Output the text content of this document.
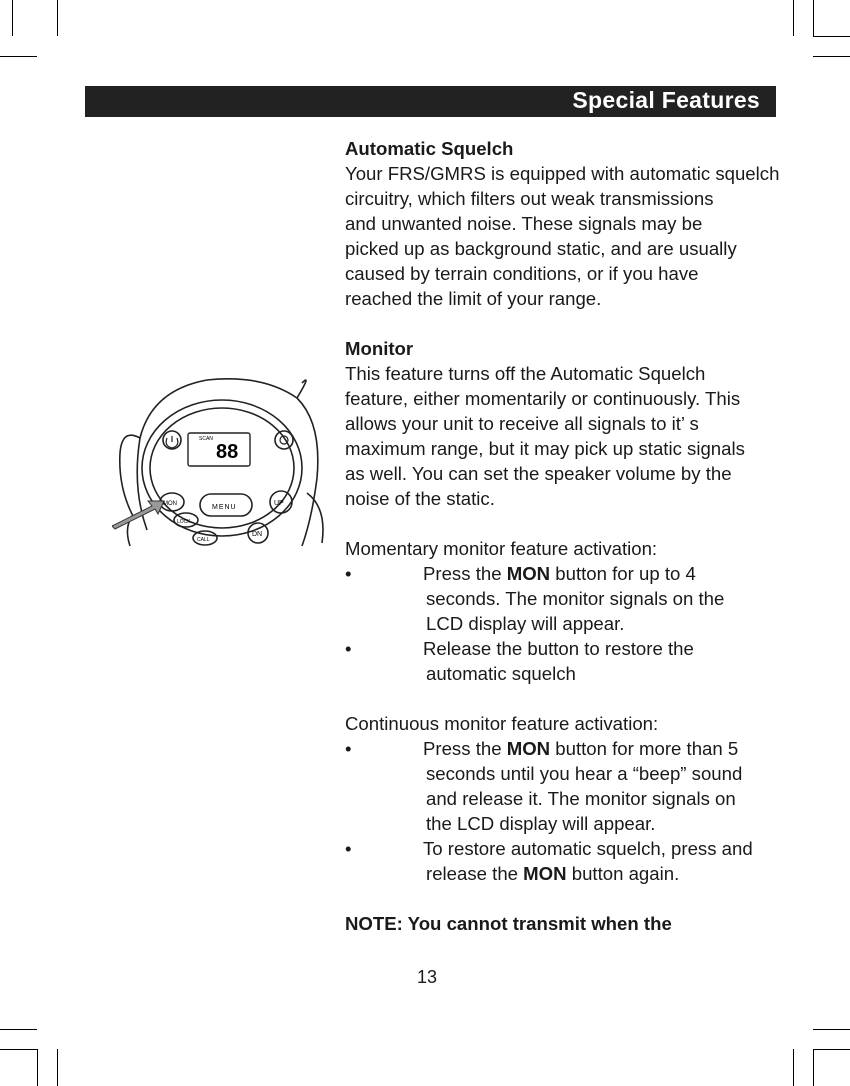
Special Features
SCAN
88
MENU
UP
DN
MON
LOCK
CALL

Automatic Squelch

Your FRS/GMRS is equipped with automatic squelch

circuitry, which filters out weak transmissions

and unwanted noise. These signals may be

picked up as background static, and are usually

caused by terrain conditions, or if you have

reached the limit of your range.

Monitor

This feature turns off the Automatic Squelch

feature, either momentarily or continuously. This

allows your unit to receive all signals to it’ s

maximum range, but it may pick up static signals

as well. You can set the speaker volume by the

noise of the static.

Momentary monitor feature activation:

•	Press the MON button for up to 4

seconds. The monitor signals on the

LCD display will appear.

•	Release the button to restore the

automatic squelch

Continuous monitor feature activation:

•	Press the MON button for more than 5

seconds until you hear a “beep” sound

and release it. The monitor signals on

the LCD display will appear.

•	To restore automatic squelch, press and

release the MON button again.

NOTE: You cannot transmit when the

13
